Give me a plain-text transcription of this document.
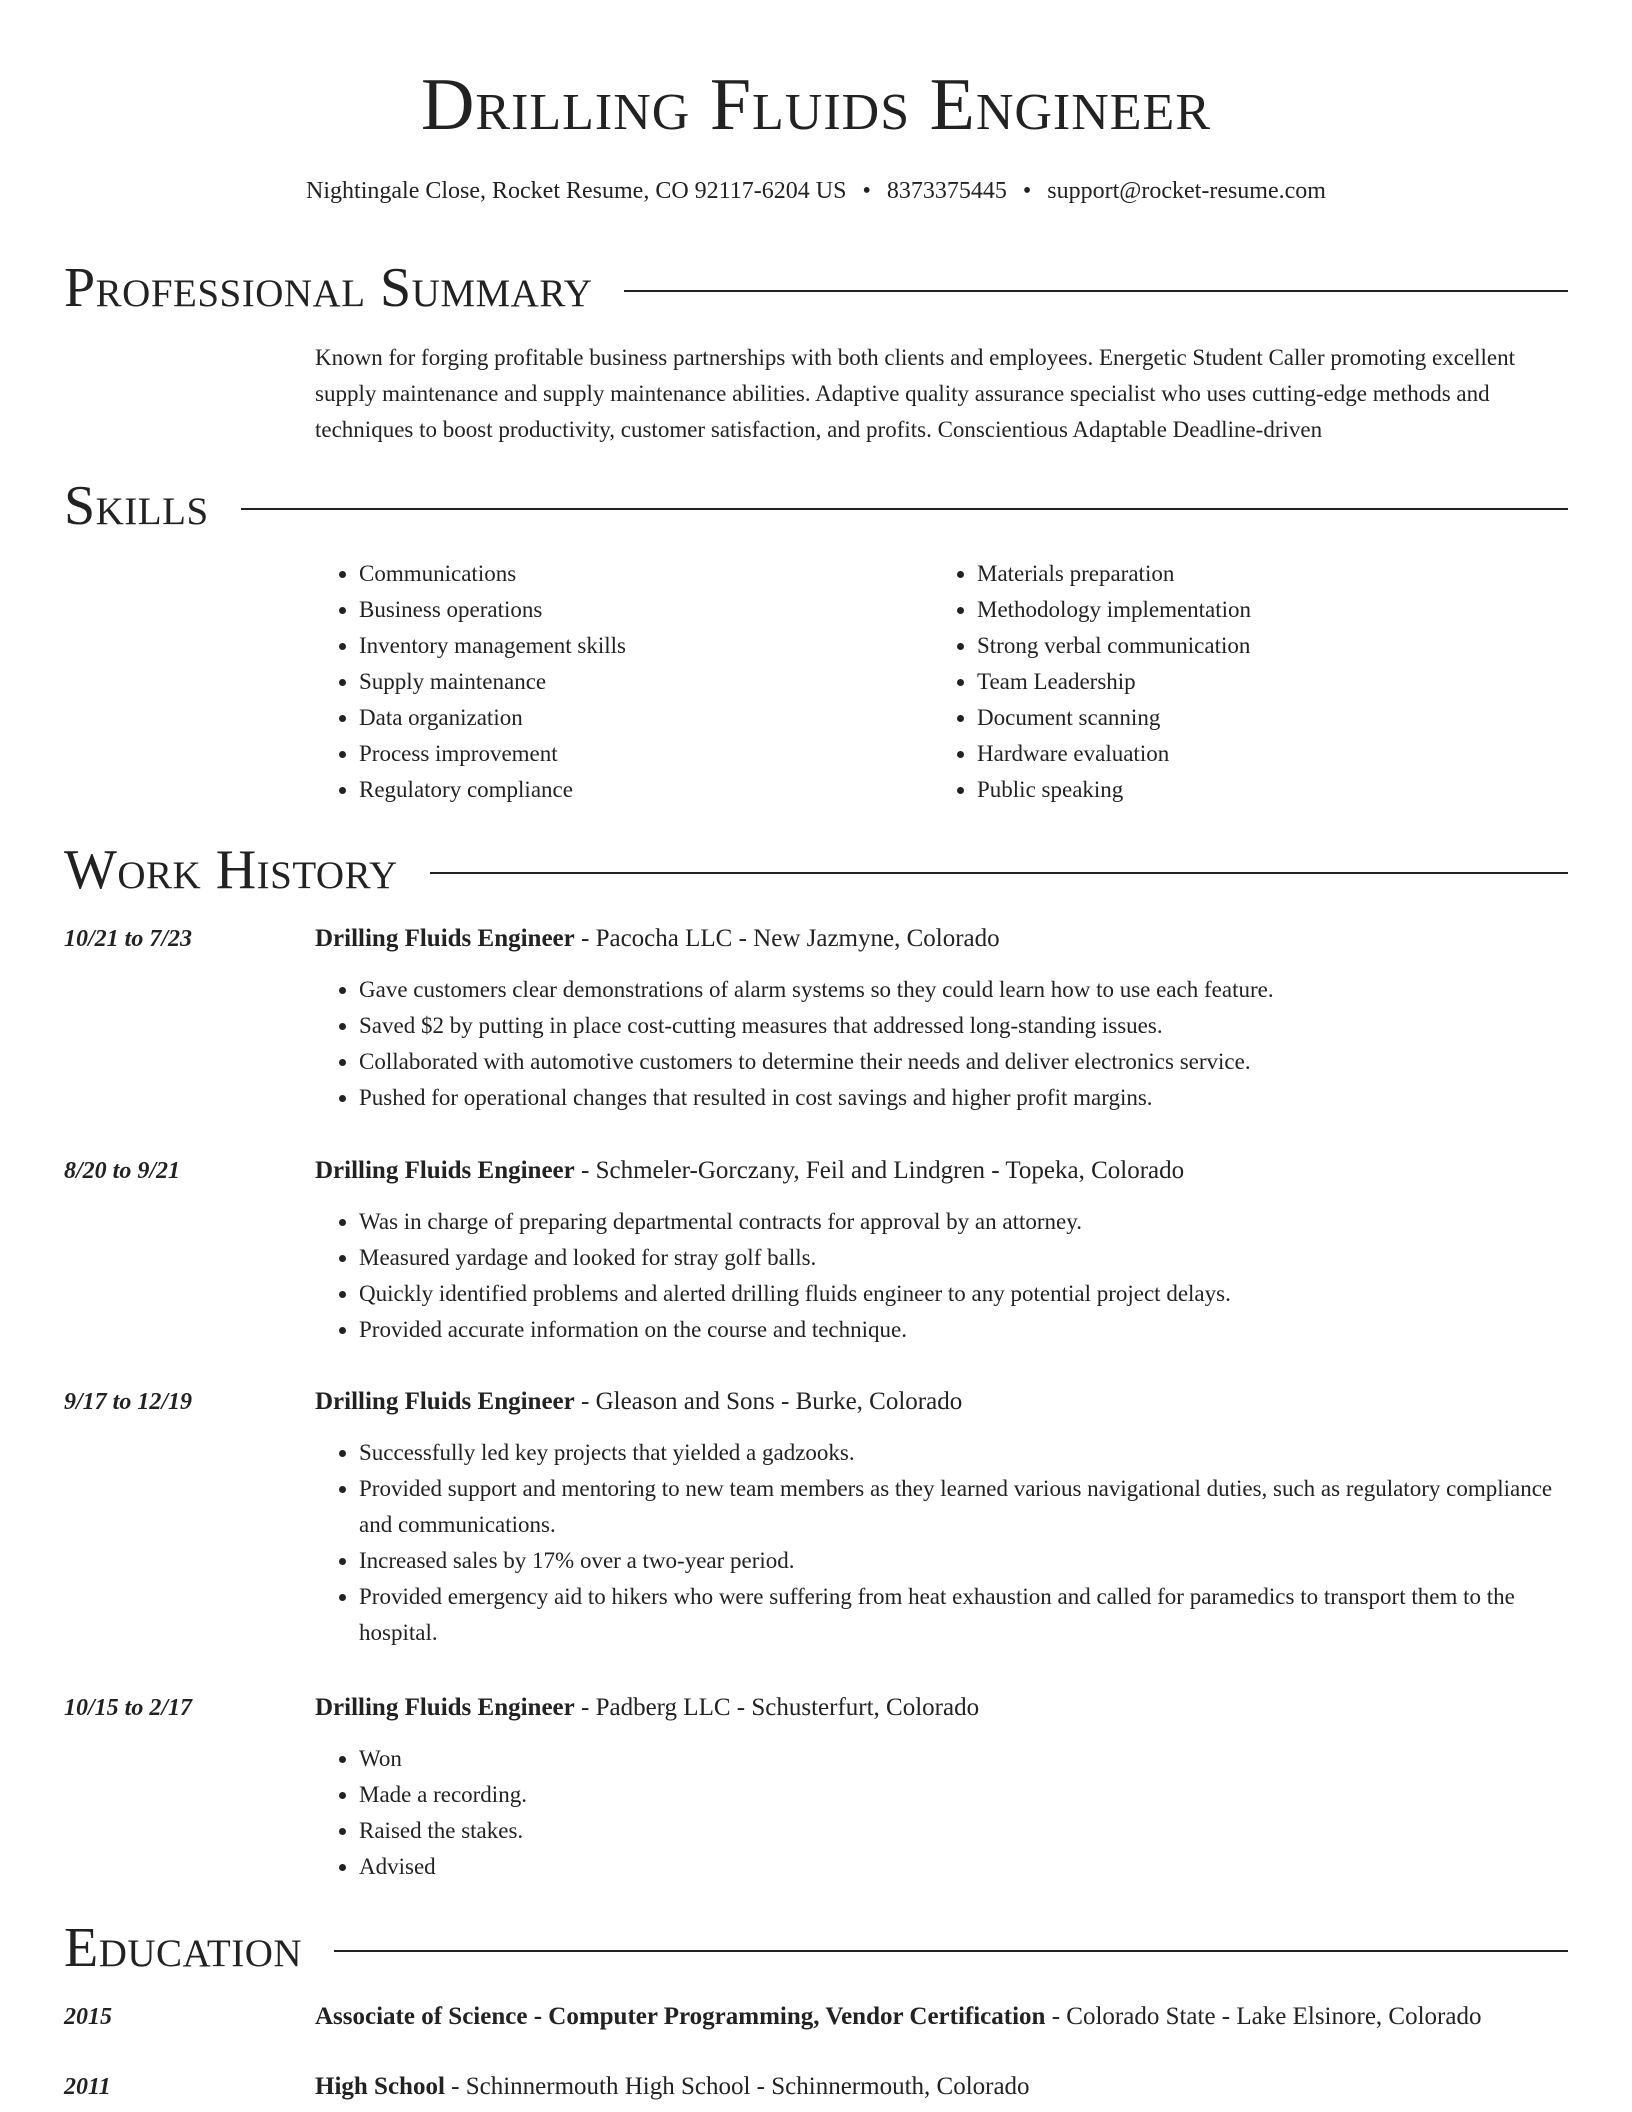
Drilling Fluids Engineer
Nightingale Close, Rocket Resume, CO 92117-6204 US • 8373375445 • support@rocket-resume.com
Professional Summary
Known for forging profitable business partnerships with both clients and employees. Energetic Student Caller promoting excellent supply maintenance and supply maintenance abilities. Adaptive quality assurance specialist who uses cutting-edge methods and techniques to boost productivity, customer satisfaction, and profits. Conscientious Adaptable Deadline-driven
Skills
• Communications
• Business operations
• Inventory management skills
• Supply maintenance
• Data organization
• Process improvement
• Regulatory compliance
• Materials preparation
• Methodology implementation
• Strong verbal communication
• Team Leadership
• Document scanning
• Hardware evaluation
• Public speaking
Work History
10/21 to 7/23	Drilling Fluids Engineer - Pacocha LLC - New Jazmyne, Colorado
• Gave customers clear demonstrations of alarm systems so they could learn how to use each feature.
• Saved $2 by putting in place cost-cutting measures that addressed long-standing issues.
• Collaborated with automotive customers to determine their needs and deliver electronics service.
• Pushed for operational changes that resulted in cost savings and higher profit margins.
8/20 to 9/21	Drilling Fluids Engineer - Schmeler-Gorczany, Feil and Lindgren - Topeka, Colorado
• Was in charge of preparing departmental contracts for approval by an attorney.
• Measured yardage and looked for stray golf balls.
• Quickly identified problems and alerted drilling fluids engineer to any potential project delays.
• Provided accurate information on the course and technique.
9/17 to 12/19	Drilling Fluids Engineer - Gleason and Sons - Burke, Colorado
• Successfully led key projects that yielded a gadzooks.
• Provided support and mentoring to new team members as they learned various navigational duties, such as regulatory compliance and communications.
• Increased sales by 17% over a two-year period.
• Provided emergency aid to hikers who were suffering from heat exhaustion and called for paramedics to transport them to the hospital.
10/15 to 2/17	Drilling Fluids Engineer - Padberg LLC - Schusterfurt, Colorado
• Won
• Made a recording.
• Raised the stakes.
• Advised
Education
2015	Associate of Science - Computer Programming, Vendor Certification - Colorado State - Lake Elsinore, Colorado
2011	High School - Schinnermouth High School - Schinnermouth, Colorado
